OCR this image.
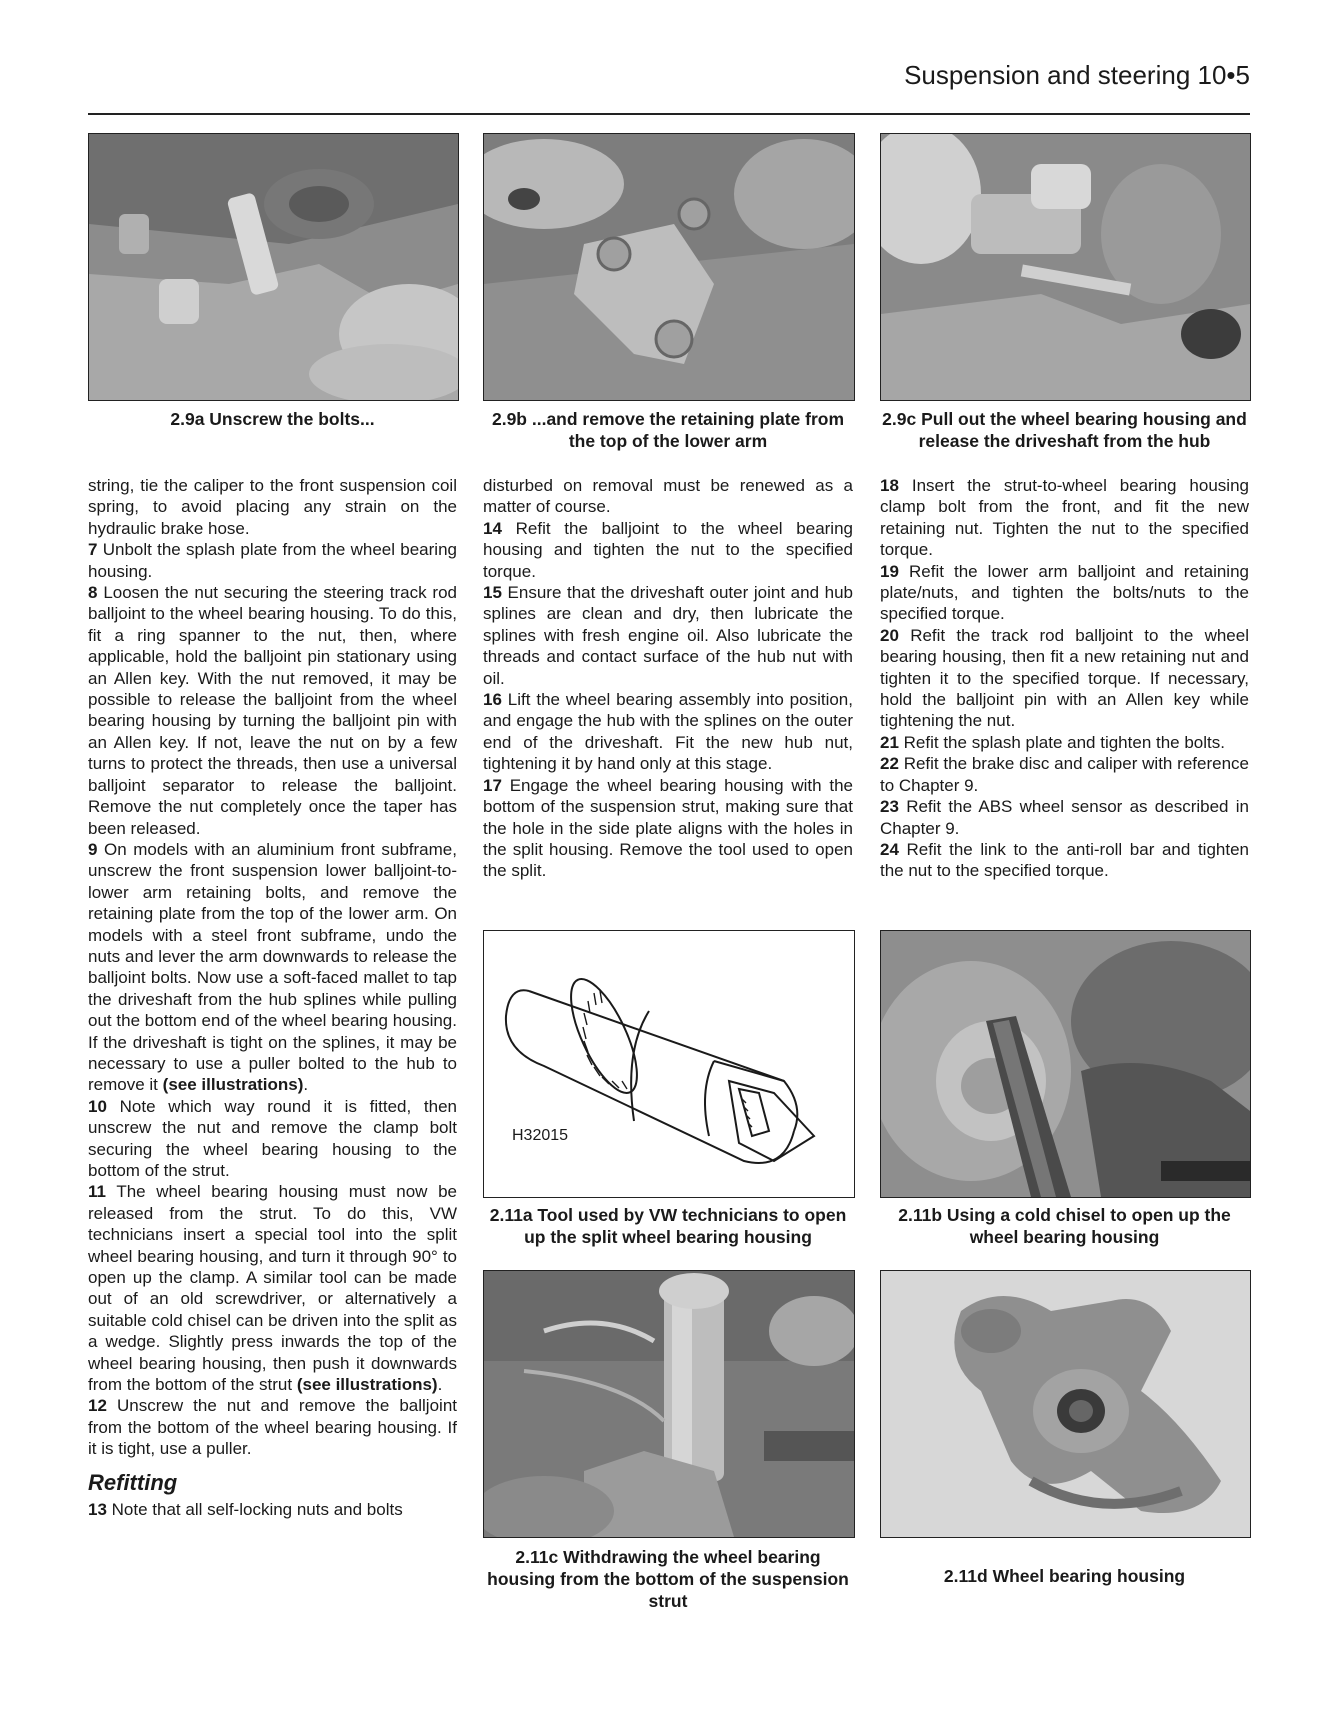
Suspension and steering 10•5
2.9a Unscrew the bolts...	2.9b ...and remove the retaining plate from the top of the lower arm
2.9c Pull out the wheel bearing housing and release the driveshaft from the hub

string, tie the caliper to the front suspension coil spring, to avoid placing any strain on the hydraulic brake hose.

7 Unbolt the splash plate from the wheel bearing housing.

8 Loosen the nut securing the steering track rod balljoint to the wheel bearing housing. To do this, fit a ring spanner to the nut, then, where applicable, hold the balljoint pin stationary using an Allen key. With the nut removed, it may be possible to release the balljoint from the wheel bearing housing by turning the balljoint pin with an Allen key. If not, leave the nut on by a few turns to protect the threads, then use a universal balljoint separator to release the balljoint. Remove the nut completely once the taper has been released.

9 On models with an aluminium front subframe, unscrew the front suspension lower balljoint-to-lower arm retaining bolts, and remove the retaining plate from the top of the lower arm. On models with a steel front subframe, undo the nuts and lever the arm downwards to release the balljoint bolts. Now use a soft-faced mallet to tap the driveshaft from the hub splines while pulling out the bottom end of the wheel bearing housing. If the driveshaft is tight on the splines, it may be necessary to use a puller bolted to the hub to remove it (see illustrations).

10 Note which way round it is fitted, then unscrew the nut and remove the clamp bolt securing the wheel bearing housing to the bottom of the strut.

11 The wheel bearing housing must now be released from the strut. To do this, VW technicians insert a special tool into the split wheel bearing housing, and turn it through 90° to open up the clamp. A similar tool can be made out of an old screwdriver, or alternatively a suitable cold chisel can be driven into the split as a wedge. Slightly press inwards the top of the wheel bearing housing, then push it downwards from the bottom of the strut (see illustrations).

12 Unscrew the nut and remove the balljoint from the bottom of the wheel bearing housing. If it is tight, use a puller.

Refitting

13 Note that all self-locking nuts and bolts

disturbed on removal must be renewed as a matter of course.

14 Refit the balljoint to the wheel bearing housing and tighten the nut to the specified torque.

15 Ensure that the driveshaft outer joint and hub splines are clean and dry, then lubricate the splines with fresh engine oil. Also lubricate the threads and contact surface of the hub nut with oil.

16 Lift the wheel bearing assembly into position, and engage the hub with the splines on the outer end of the driveshaft. Fit the new hub nut, tightening it by hand only at this stage.

17 Engage the wheel bearing housing with the bottom of the suspension strut, making sure that the hole in the side plate aligns with the holes in the split housing. Remove the tool used to open the split.

18 Insert the strut-to-wheel bearing housing clamp bolt from the front, and fit the new retaining nut. Tighten the nut to the specified torque.

19 Refit the lower arm balljoint and retaining plate/nuts, and tighten the bolts/nuts to the specified torque.

20 Refit the track rod balljoint to the wheel bearing housing, then fit a new retaining nut and tighten it to the specified torque. If necessary, hold the balljoint pin with an Allen key while tightening the nut.

21 Refit the splash plate and tighten the bolts.

22 Refit the brake disc and caliper with reference to Chapter 9.

23 Refit the ABS wheel sensor as described in Chapter 9.

24 Refit the link to the anti-roll bar and tighten the nut to the specified torque.

H32015
2.11a Tool used by VW technicians to open up the split wheel bearing housing
2.11b Using a cold chisel to open up the wheel bearing housing
2.11c Withdrawing the wheel bearing housing from the bottom of the suspension strut
2.11d Wheel bearing housing
